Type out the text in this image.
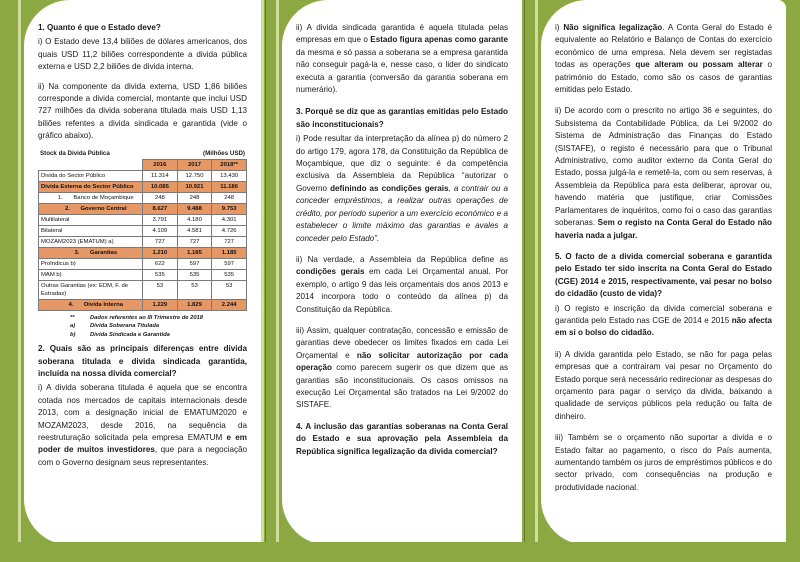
1. Quanto é que o Estado deve?

i) O Estado deve 13,4 biliões de dólares americanos, dos quais USD 11,2 biliões correspondente a divida pública externa e USD 2,2 biliões de divida interna.

ii) Na componente da divida externa, USD 1,86 biliões corresponde a divida comercial, montante que inclui USD 727 milhões da divida soberana titulada mais USD 1,13 biliões refentes a divida sindicada e garantida (vide o gráfico abaixo).

Stock da Divida Pública	(Milhões USD)
	2016	2017	2018**
Divida do Sector Público	11.314	12.750	13.430
Divida Externa do Sector Público	10.085	10.921	11.186
1. Banco de Moçambique	248	248	248
2. Governo Central	8.627	9.488	9.753
Multilateral	3.791	4.180	4.301
Bilateral	4.109	4.581	4.726
MOZAM2023 (EMATUM) a)	727	727	727
3. Garantias	1.210	1.185	1.185
Proîndicus b)	622	597	597
MAM b)	535	535	535
Outras Garantias (ex: EDM, F. de Estradas)	53	53	53
4. Divida Interna	1.229	1.829	2.244
**	Dados referentes ao III Trimestre de 2018
a)	Divida Soberana Titulada
b)	Divida Sindicada e Garantida

2. Quais são as principais diferenças entre divida soberana titulada e divida sindicada garantida, incluida na nossa divida comercial?

i) A divida soberana titulada é aquela que se encontra cotada nos mercados de capitais internacionais desde 2013, com a designação inicial de EMATUM2020 e MOZAM2023, desde 2016, na sequência da reestruturação solicitada pela empresa EMATUM e em poder de muitos investidores, que para a negociação com o Governo designam seus representantes.

ii) A divida sindicada garantida é aquela titulada pelas empresas em que o Estado figura apenas como garante da mesma e só passa a soberana se a empresa garantida não conseguir pagá-la e, nesse caso, o lider do sindicato executa a garantia (conversão da garantia soberana em numerário).

3. Porquê se diz que as garantias emitidas pelo Estado são inconstitucionais?

i) Pode resultar da interpretação da alínea p) do número 2 do artigo 179, agora 178, da Constituição da República de Moçambique, que diz o seguinte: é da competência exclusiva da Assembleia da República “autorizar o Governo definindo as condições gerais, a contrair ou a conceder empréstimos, a realizar outras operações de crédito, por periodo superior a um exercício económico e a estabelecer o limite máximo das garantias e avales a conceder pelo Estado”.

ii) Na verdade, a Assembleia da República define as condições gerais em cada Lei Orçamental anual. Por exemplo, o artigo 9 das leis orçamentais dos anos 2013 e 2014 incorpora todo o conteúdo da alínea p) da Constituição da República.

iii) Assim, qualquer contratação, concessão e emissão de garantias deve obedecer os limites fixados em cada Lei Orçamental e não solicitar autorização por cada operação como parecem sugerir os que dizem que as garantias são inconstitucionais. Os casos omissos na execução Lei Orçamental são tratados na Lei 9/2002 do SISTAFE.

4. A inclusão das garantias soberanas na Conta Geral do Estado e sua aprovação pela Assembleia da República significa legalização da divida comercial?

i) Não significa legalização. A Conta Geral do Estado é equivalente ao Relatório e Balanço de Contas do exercício económico de uma empresa. Nela devem ser registadas todas as operações que alteram ou possam alterar o património do Estado, como são os casos de garantias emitidas pelo Estado.

ii) De acordo com o prescrito no artigo 36 e seguintes, do Subsistema da Contabilidade Pública, da Lei 9/2002 do Sistema de Administração das Finanças do Estado (SISTAFE), o registo é necessário para que o Tribunal Administrativo, como auditor externo da Conta Geral do Estado, possa julgá-la e remetê-la, com ou sem reservas, à Assembleia da República para esta deliberar, aprovar ou, havendo matéria que justifique, criar Comissões Parlamentares de inquéritos, como foi o caso das garantias soberanas. Sem o registo na Conta Geral do Estado não haveria nada a julgar.

5. O facto de a divida comercial soberana e garantida pelo Estado ter sido inscrita na Conta Geral do Estado (CGE) 2014 e 2015, respectivamente, vai pesar no bolso do cidadão (custo de vida)?

i) O registo e inscrição da divida comercial soberana e garantida pelo Estado nas CGE de 2014 e 2015 não afecta em si o bolso do cidadão.

ii) A divida garantida pelo Estado, se não for paga pelas empresas que a contrairam vai pesar no Orçamento do Estado porque será necessário redirecionar as despesas do orçamento para pagar o serviço da divida, baixando a qualidade de serviços públicos pela redução ou falta de dinheiro.

iii) Também se o orçamento não suportar a divida e o Estado faltar ao pagamento, o risco do País aumenta, aumentando também os juros de empréstimos públicos e do sector privado, com consequências na produção e produtividade nacional.
